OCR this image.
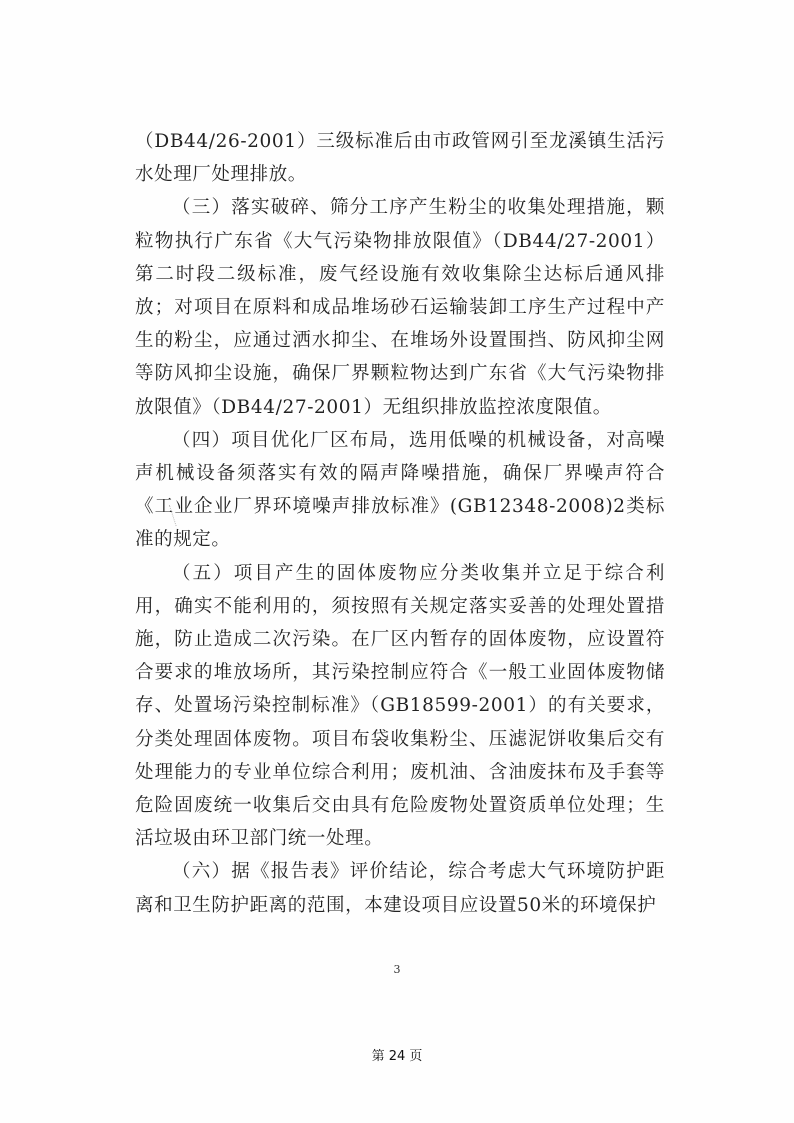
（DB44/26-2001）三级标准后由市政管网引至龙溪镇生活污水处理厂处理排放。

（三）落实破碎、筛分工序产生粉尘的收集处理措施，颗粒物执行广东省《大气污染物排放限值》（DB44/27-2001）第二时段二级标准，废气经设施有效收集除尘达标后通风排放；对项目在原料和成品堆场砂石运输装卸工序生产过程中产生的粉尘，应通过洒水抑尘、在堆场外设置围挡、防风抑尘网等防风抑尘设施，确保厂界颗粒物达到广东省《大气污染物排放限值》（DB44/27-2001）无组织排放监控浓度限值。

（四）项目优化厂区布局，选用低噪的机械设备，对高噪声机械设备须落实有效的隔声降噪措施，确保厂界噪声符合《工业企业厂界环境噪声排放标准》(GB12348-2008)2类标准的规定。

（五）项目产生的固体废物应分类收集并立足于综合利用，确实不能利用的，须按照有关规定落实妥善的处理处置措施，防止造成二次污染。在厂区内暂存的固体废物，应设置符合要求的堆放场所，其污染控制应符合《一般工业固体废物储存、处置场污染控制标准》（GB18599-2001）的有关要求，分类处理固体废物。项目布袋收集粉尘、压滤泥饼收集后交有处理能力的专业单位综合利用；废机油、含油废抹布及手套等危险固废统一收集后交由具有危险废物处置资质单位处理；生活垃圾由环卫部门统一处理。

（六）据《报告表》评价结论，综合考虑大气环境防护距离和卫生防护距离的范围，本建设项目应设置50米的环境保护

3
第 24 页
